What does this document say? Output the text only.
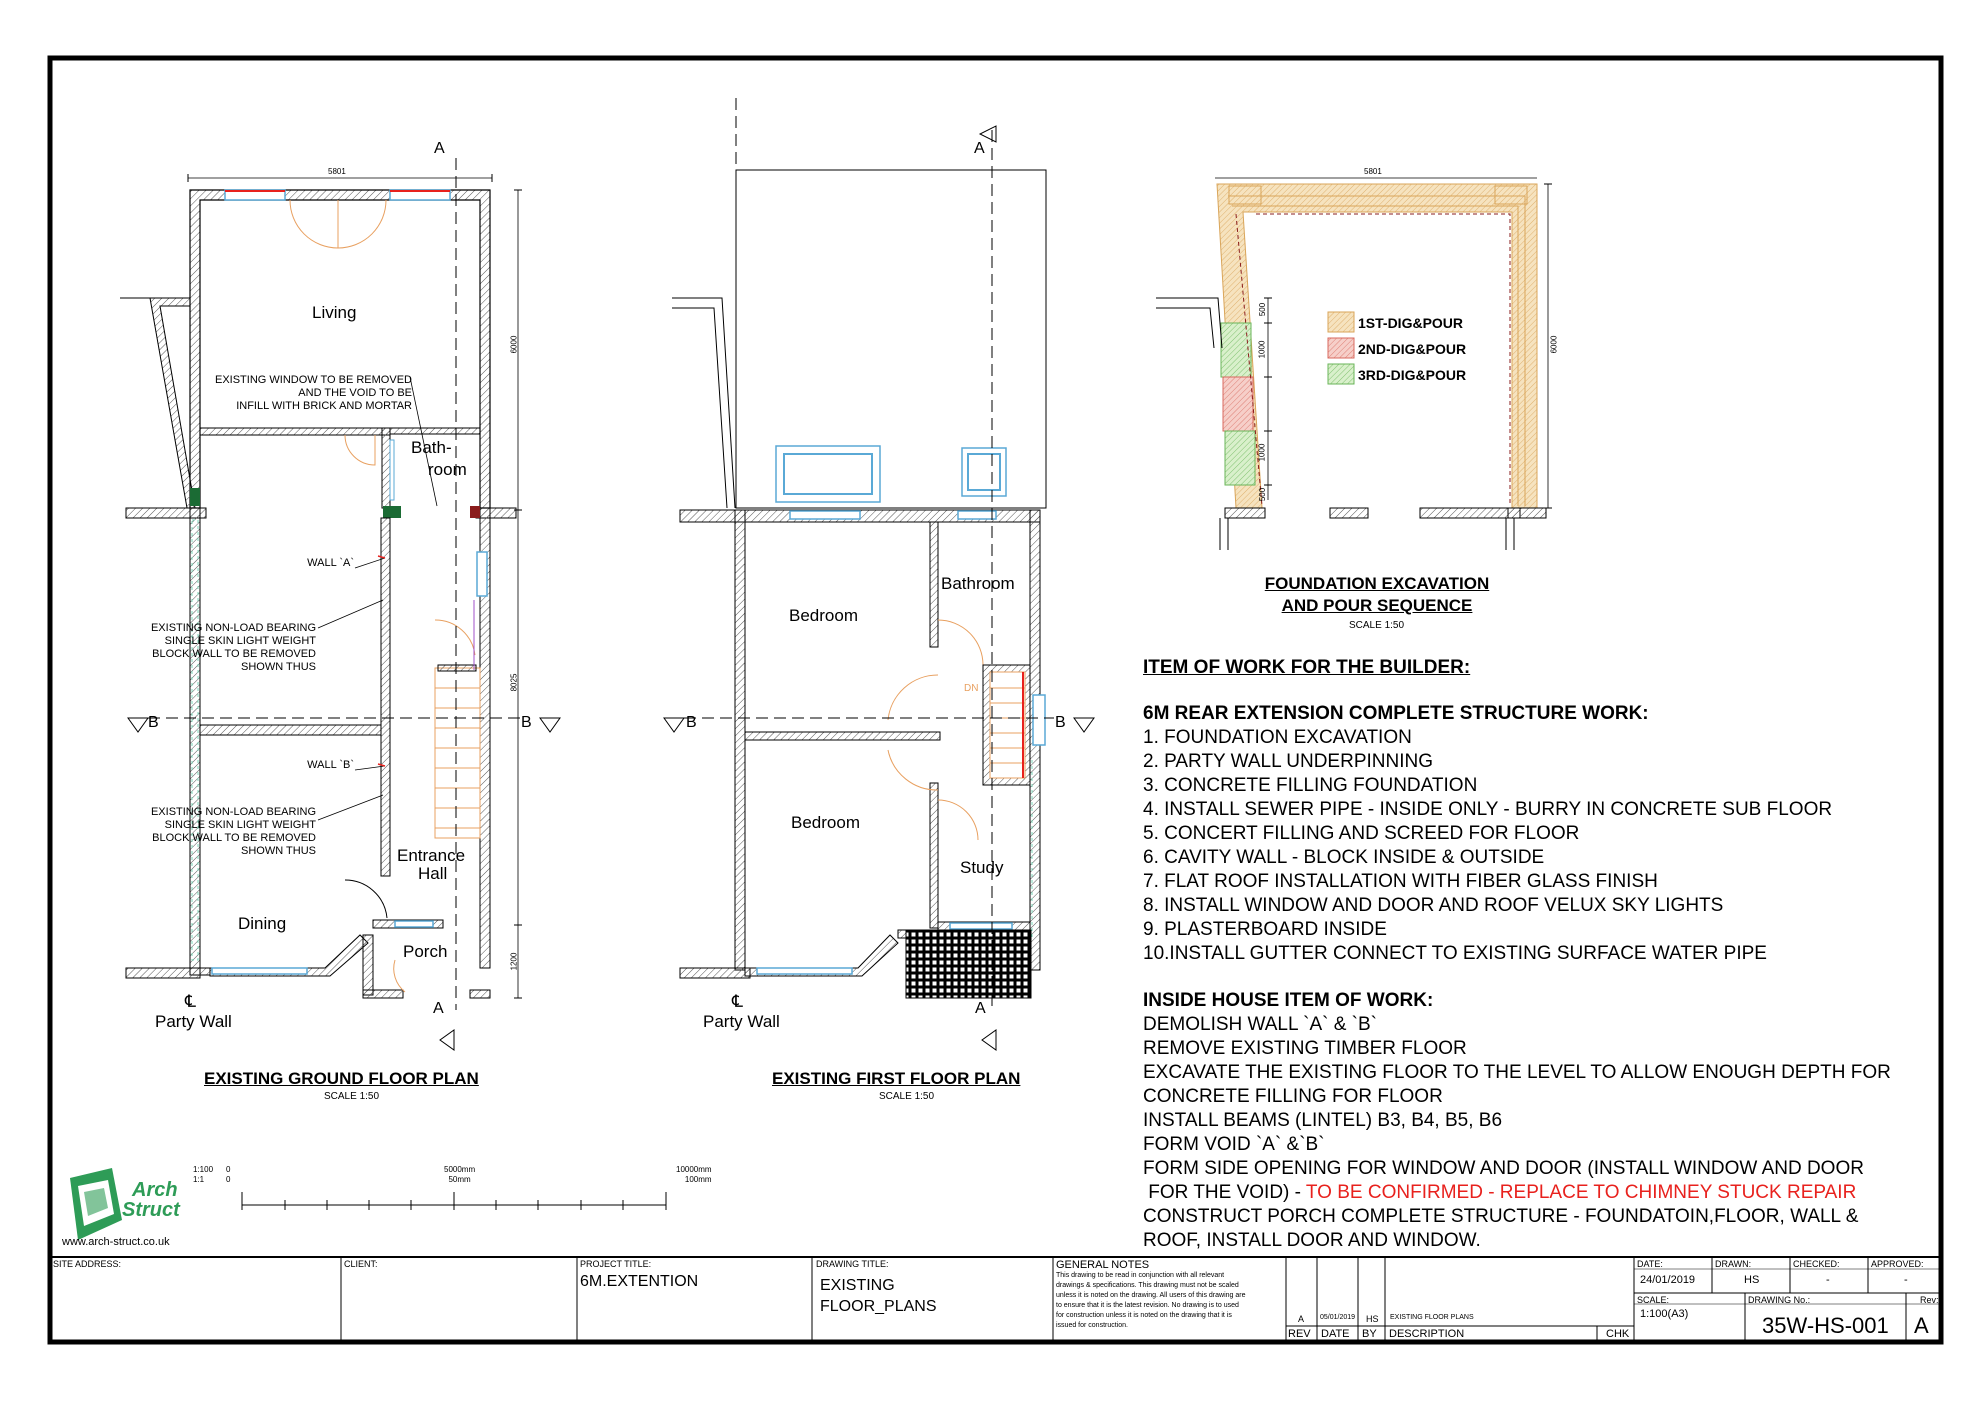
5801
6000
8025
1200
A
A
B	B
Living
Bath-
room
Entrance
Hall
Dining
Porch
℄
Party Wall
EXISTING WINDOW TO BE REMOVED
AND THE VOID TO BE
INFILL WITH BRICK AND MORTAR
WALL `A`
WALL `B`
EXISTING NON-LOAD BEARING
SINGLE SKIN LIGHT WEIGHT
BLOCK WALL TO BE REMOVED
SHOWN THUS
EXISTING NON-LOAD BEARING
SINGLE SKIN LIGHT WEIGHT
BLOCK WALL TO BE REMOVED
SHOWN THUS
EXISTING GROUND FLOOR PLAN
SCALE 1:50
A
A
B	B
Bedroom
Bathroom
Bedroom
Study
DN
℄
Party Wall
EXISTING FIRST FLOOR PLAN
SCALE 1:50
5801
6000
500
1000
1000
500
1ST-DIG&POUR
2ND-DIG&POUR
3RD-DIG&POUR
FOUNDATION EXCAVATION
AND POUR SEQUENCE
SCALE 1:50
ITEM OF WORK FOR THE BUILDER:
6M REAR EXTENSION COMPLETE STRUCTURE WORK:
1. FOUNDATION EXCAVATION
2. PARTY WALL UNDERPINNING
3. CONCRETE FILLING FOUNDATION
4. INSTALL SEWER PIPE - INSIDE ONLY - BURRY IN CONCRETE SUB FLOOR
5. CONCERT FILLING AND SCREED FOR FLOOR
6. CAVITY WALL - BLOCK INSIDE & OUTSIDE
7. FLAT ROOF INSTALLATION WITH FIBER GLASS FINISH
8. INSTALL WINDOW AND DOOR AND ROOF VELUX SKY LIGHTS
9. PLASTERBOARD INSIDE
10.INSTALL GUTTER CONNECT TO EXISTING SURFACE WATER PIPE
INSIDE HOUSE ITEM OF WORK:
DEMOLISH WALL `A` & `B`
REMOVE EXISTING TIMBER FLOOR
EXCAVATE THE EXISTING FLOOR TO THE LEVEL TO ALLOW ENOUGH DEPTH FOR
CONCRETE FILLING FOR FLOOR
INSTALL BEAMS (LINTEL) B3, B4, B5, B6
FORM VOID `A` &`B`
FORM SIDE OPENING FOR WINDOW AND DOOR (INSTALL WINDOW AND DOOR
FOR THE VOID) - TO BE CONFIRMED - REPLACE TO CHIMNEY STUCK REPAIR
CONSTRUCT PORCH COMPLETE STRUCTURE - FOUNDATOIN,FLOOR, WALL &
ROOF, INSTALL DOOR AND WINDOW.
1:100
1:1
0
0
5000mm
50mm
10000mm
100mm
Arch
Struct
www.arch-struct.co.uk
SITE ADDRESS:	CLIENT:	PROJECT TITLE:
6M.EXTENTION
DRAWING TITLE:
EXISTING
FLOOR_PLANS
GENERAL NOTES
This drawing to be read in conjunction with all relevant
drawings & specifications. This drawing must not be scaled
unless it is noted on the drawing. All users of this drawing are
to ensure that it is the latest revision. No drawing is to used
for construction unless it is noted on the drawing that it is
issued for construction.
A 05/01/2019 HS EXISTING FLOOR PLANS
REV DATE BY DESCRIPTION	CHK
DATE:
24/01/2019
DRAWN:
HS
CHECKED:
-
APPROVED:
-
SCALE:
1:100(A3)
DRAWING No.:
35W-HS-001
Rev:
A
